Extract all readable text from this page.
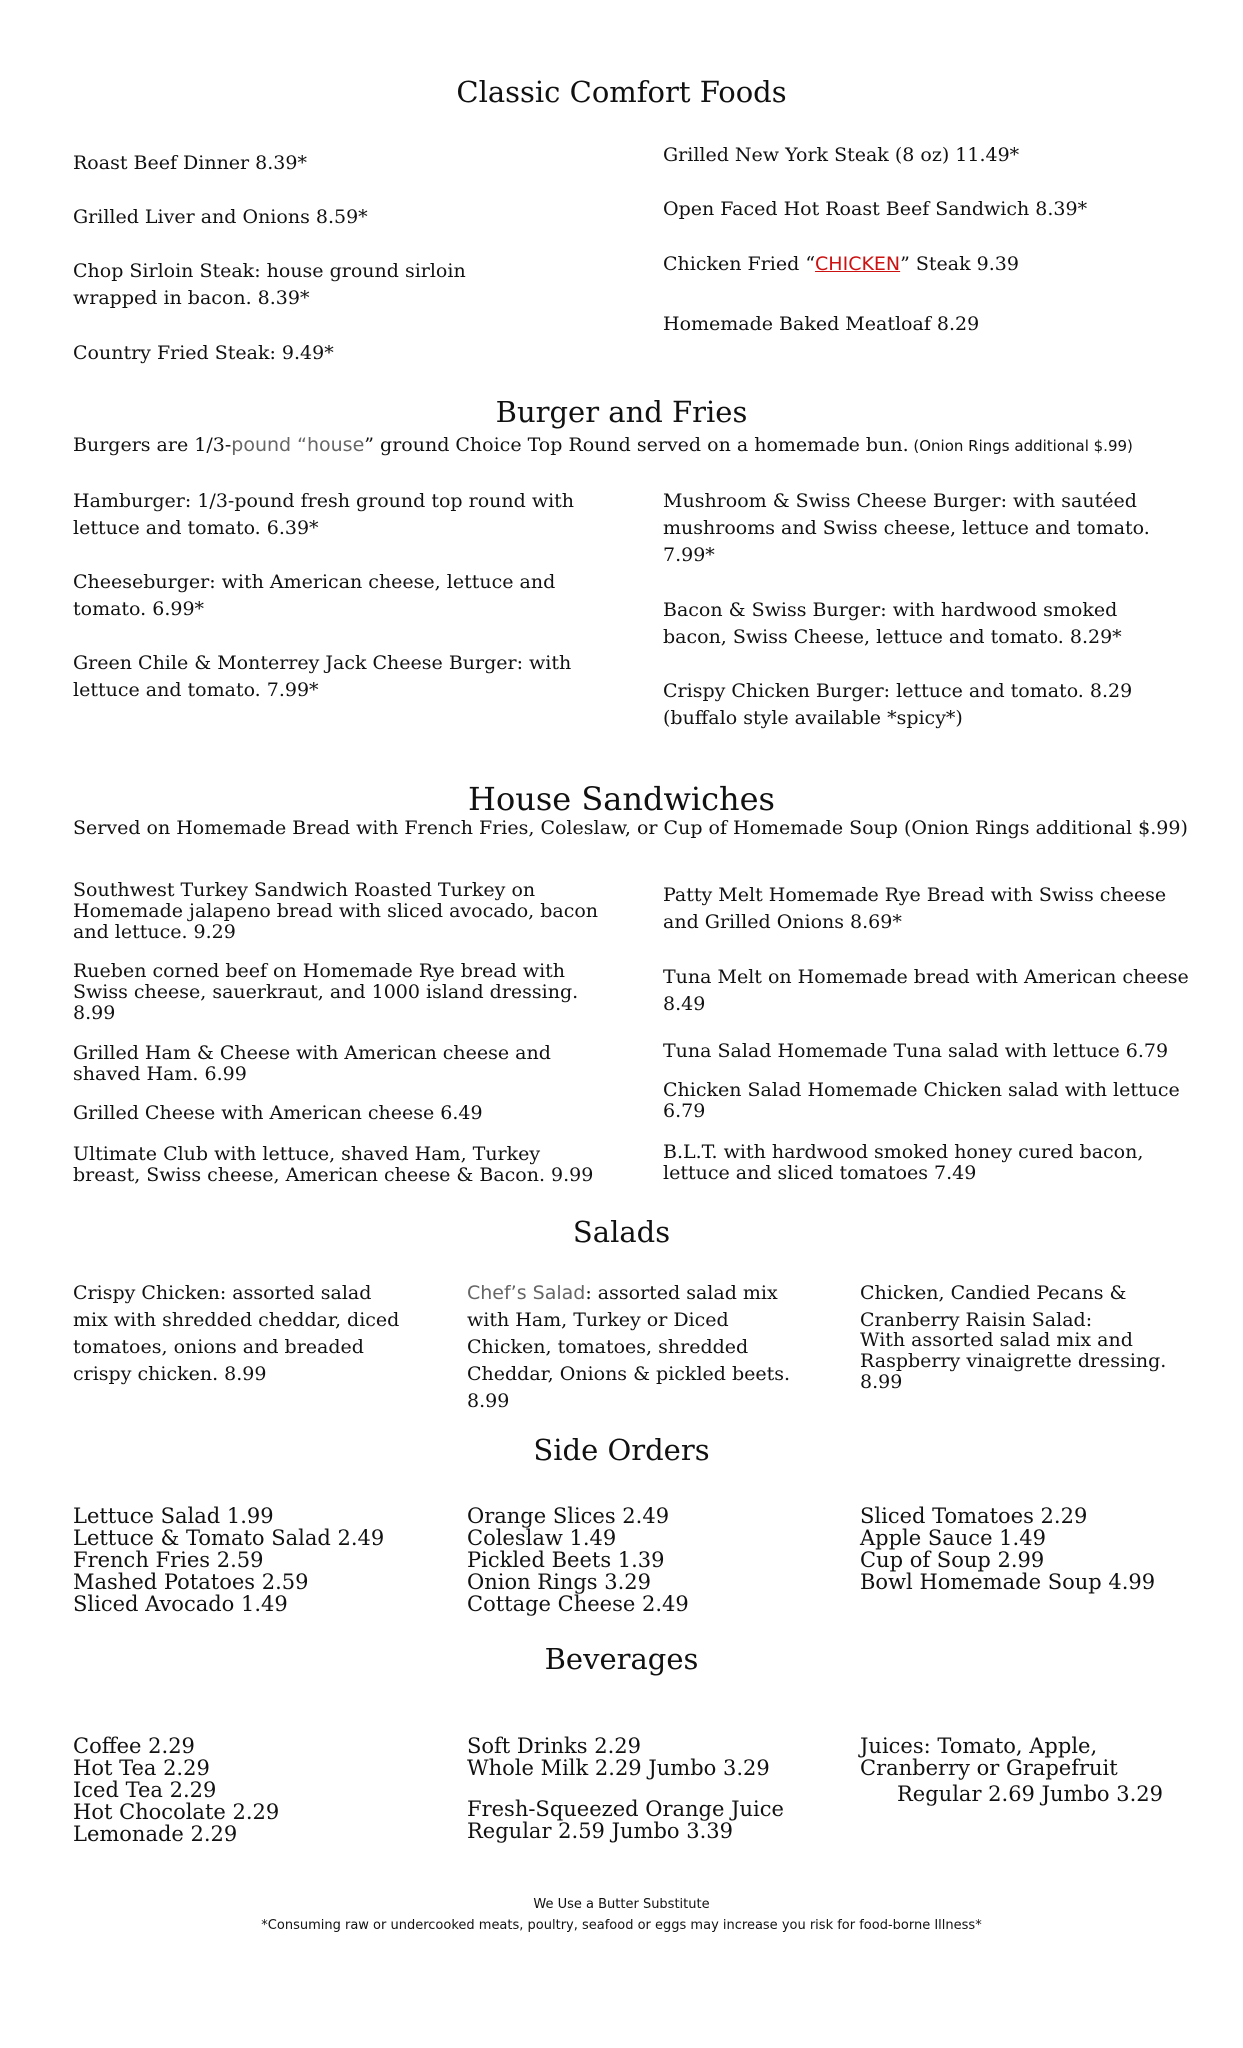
Classic Comfort Foods
Roast Beef Dinner 8.39*
Grilled Liver and Onions 8.59*
Chop Sirloin Steak: house ground sirloin wrapped in bacon. 8.39*
Country Fried Steak: 9.49*
Grilled New York Steak (8 oz) 11.49*
Open Faced Hot Roast Beef Sandwich 8.39*
Chicken Fried “CHICKEN” Steak 9.39
Homemade Baked Meatloaf 8.29
Burger and Fries
Burgers are 1/3-pound “house” ground Choice Top Round served on a homemade bun. (Onion Rings additional $.99)
Hamburger: 1/3-pound fresh ground top round with lettuce and tomato. 6.39*
Cheeseburger: with American cheese, lettuce and tomato. 6.99*
Green Chile & Monterrey Jack Cheese Burger: with lettuce and tomato. 7.99*
Mushroom & Swiss Cheese Burger: with sautéed mushrooms and Swiss cheese, lettuce and tomato. 7.99*
Bacon & Swiss Burger: with hardwood smoked bacon, Swiss Cheese, lettuce and tomato. 8.29*
Crispy Chicken Burger: lettuce and tomato. 8.29 (buffalo style available *spicy*)
House Sandwiches
Served on Homemade Bread with French Fries, Coleslaw, or Cup of Homemade Soup (Onion Rings additional $.99)
Southwest Turkey Sandwich Roasted Turkey on Homemade jalapeno bread with sliced avocado, bacon and lettuce. 9.29
Rueben corned beef on Homemade Rye bread with Swiss cheese, sauerkraut, and 1000 island dressing. 8.99
Grilled Ham & Cheese with American cheese and shaved Ham. 6.99
Grilled Cheese with American cheese 6.49
Ultimate Club with lettuce, shaved Ham, Turkey breast, Swiss cheese, American cheese & Bacon. 9.99
Patty Melt Homemade Rye Bread with Swiss cheese and Grilled Onions 8.69*
Tuna Melt on Homemade bread with American cheese 8.49
Tuna Salad Homemade Tuna salad with lettuce 6.79
Chicken Salad Homemade Chicken salad with lettuce 6.79
B.L.T. with hardwood smoked honey cured bacon, lettuce and sliced tomatoes 7.49
Salads
Crispy Chicken: assorted salad mix with shredded cheddar, diced tomatoes, onions and breaded crispy chicken. 8.99
Chef’s Salad: assorted salad mix with Ham, Turkey or Diced Chicken, tomatoes, shredded Cheddar, Onions & pickled beets. 8.99
Chicken, Candied Pecans & Cranberry Raisin Salad:
With assorted salad mix and Raspberry vinaigrette dressing. 8.99
Side Orders
Lettuce Salad 1.99
Lettuce & Tomato Salad 2.49
French Fries 2.59
Mashed Potatoes 2.59
Sliced Avocado 1.49
Orange Slices 2.49
Coleslaw 1.49
Pickled Beets 1.39
Onion Rings 3.29
Cottage Cheese 2.49
Sliced Tomatoes 2.29
Apple Sauce 1.49
Cup of Soup 2.99
Bowl Homemade Soup 4.99
Beverages
Coffee 2.29
Hot Tea 2.29
Iced Tea 2.29
Hot Chocolate 2.29
Lemonade 2.29
Soft Drinks 2.29
Whole Milk 2.29 Jumbo 3.29
Fresh-Squeezed Orange Juice
Regular 2.59 Jumbo 3.39
Juices: Tomato, Apple,
Cranberry or Grapefruit
Regular 2.69 Jumbo 3.29
We Use a Butter Substitute
*Consuming raw or undercooked meats, poultry, seafood or eggs may increase you risk for food-borne Illness*
